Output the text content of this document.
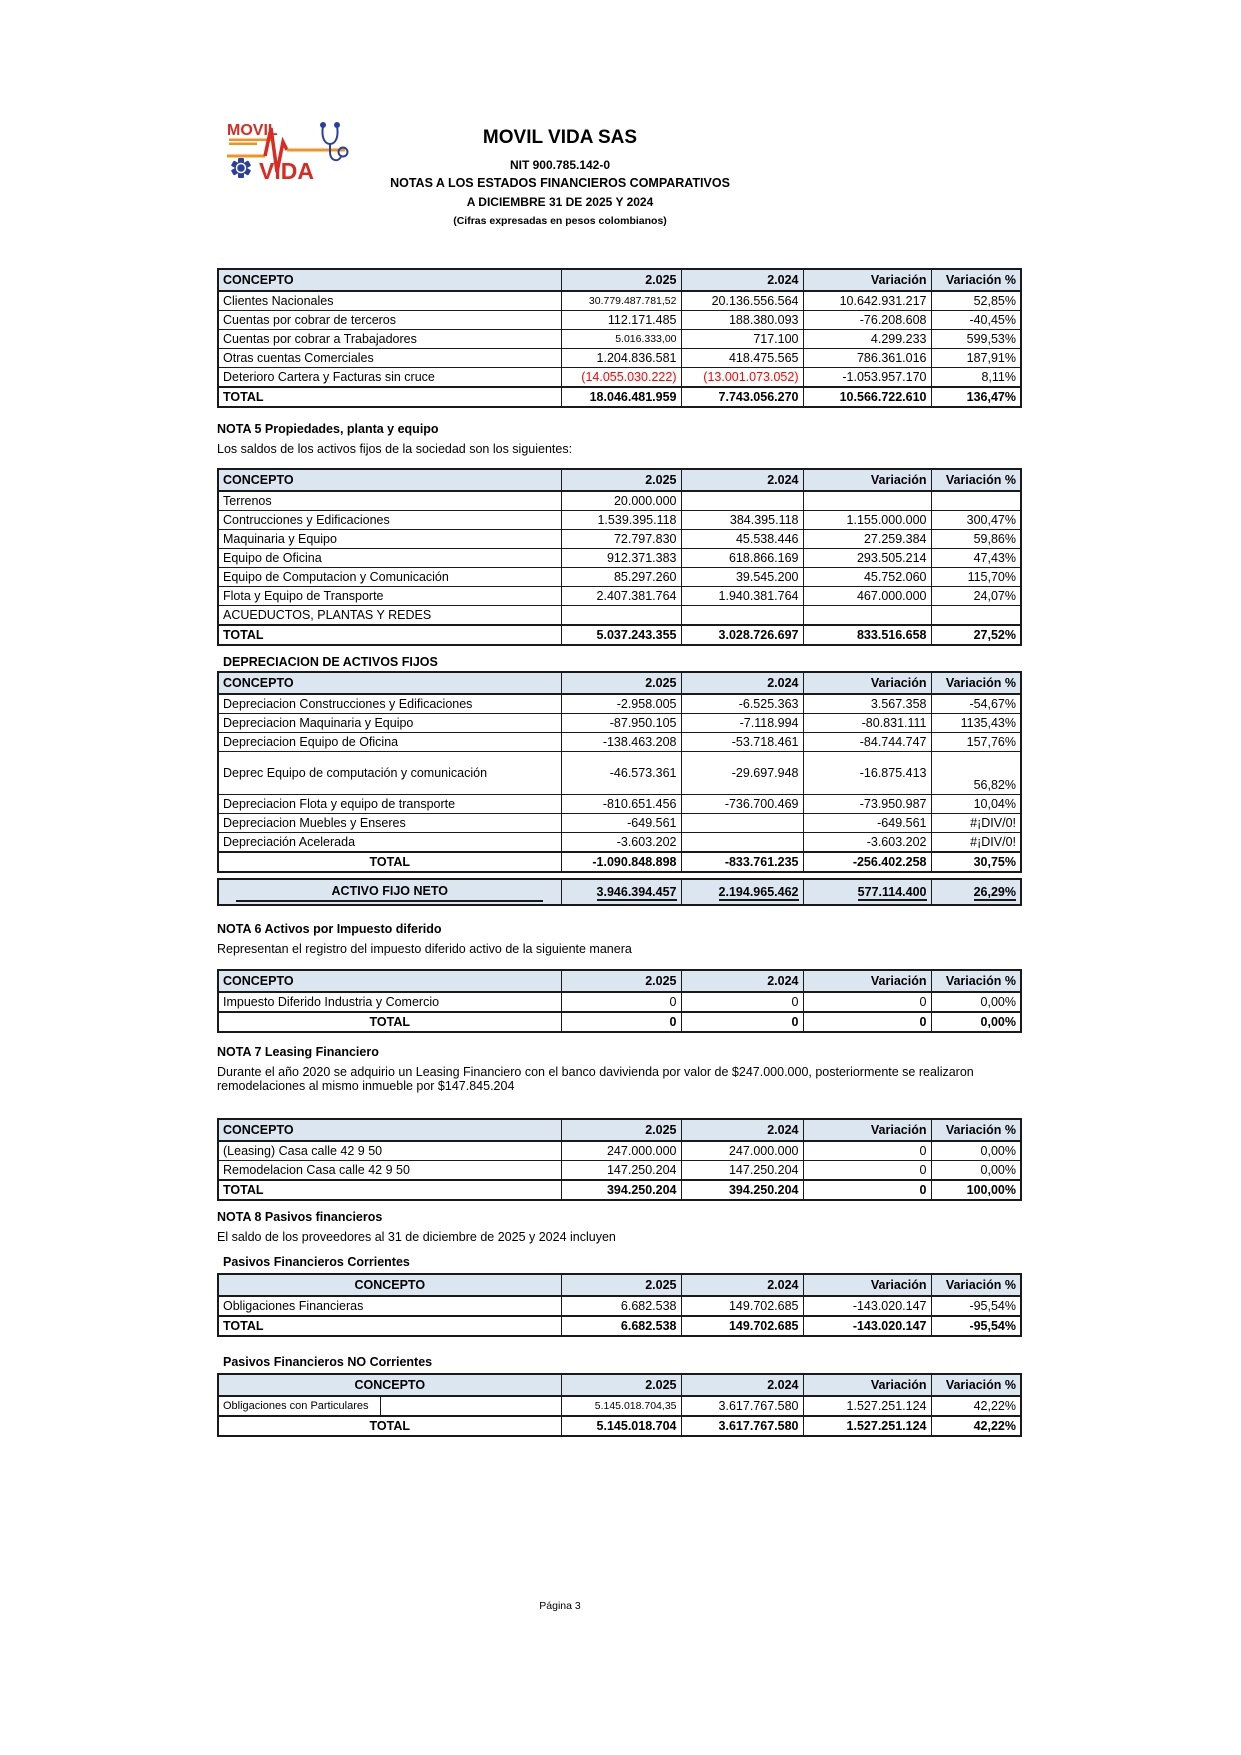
MOVIL
VIDA
MOVIL VIDA SAS
NIT 900.785.142-0
NOTAS A LOS ESTADOS FINANCIEROS COMPARATIVOS
A DICIEMBRE 31 DE 2025 Y 2024
(Cifras expresadas en pesos colombianos)
CONCEPTO	2.025	2.024	Variación	Variación %
Clientes Nacionales	30.779.487.781,52	20.136.556.564	10.642.931.217	52,85%
Cuentas por cobrar de terceros	112.171.485	188.380.093	-76.208.608	-40,45%
Cuentas por cobrar a Trabajadores	5.016.333,00	717.100	4.299.233	599,53%
Otras cuentas Comerciales	1.204.836.581	418.475.565	786.361.016	187,91%
Deterioro Cartera y Facturas sin cruce	(14.055.030.222)	(13.001.073.052)	-1.053.957.170	8,11%
TOTAL	18.046.481.959	7.743.056.270	10.566.722.610	136,47%
NOTA 5 Propiedades, planta y equipo
Los saldos de los activos fijos de la sociedad son los siguientes:
CONCEPTO	2.025	2.024	Variación	Variación %
Terrenos	20.000.000			
Contrucciones y Edificaciones	1.539.395.118	384.395.118	1.155.000.000	300,47%
Maquinaria y Equipo	72.797.830	45.538.446	27.259.384	59,86%
Equipo de Oficina	912.371.383	618.866.169	293.505.214	47,43%
Equipo de Computacion y Comunicación	85.297.260	39.545.200	45.752.060	115,70%
Flota y Equipo de Transporte	2.407.381.764	1.940.381.764	467.000.000	24,07%
ACUEDUCTOS, PLANTAS Y REDES				
TOTAL	5.037.243.355	3.028.726.697	833.516.658	27,52%
DEPRECIACION DE ACTIVOS FIJOS
CONCEPTO	2.025	2.024	Variación	Variación %
Depreciacion Construcciones y Edificaciones	-2.958.005	-6.525.363	3.567.358	-54,67%
Depreciacion Maquinaria y Equipo	-87.950.105	-7.118.994	-80.831.111	1135,43%
Depreciacion Equipo de Oficina	-138.463.208	-53.718.461	-84.744.747	157,76%
Deprec Equipo de computación y comunicación	-46.573.361	-29.697.948	-16.875.413	56,82%
Depreciacion Flota y equipo de transporte	-810.651.456	-736.700.469	-73.950.987	10,04%
Depreciacion Muebles y Enseres	-649.561		-649.561	#¡DIV/0!
Depreciación Acelerada	-3.603.202		-3.603.202	#¡DIV/0!
TOTAL	-1.090.848.898	-833.761.235	-256.402.258	30,75%
ACTIVO FIJO NETO	3.946.394.457	2.194.965.462	577.114.400	26,29%
NOTA 6 Activos por Impuesto diferido
Representan el registro del impuesto diferido activo de la siguiente manera
CONCEPTO	2.025	2.024	Variación	Variación %
Impuesto Diferido Industria y Comercio	0	0	0	0,00%
TOTAL	0	0	0	0,00%
NOTA 7 Leasing Financiero
Durante el año 2020 se adquirio un Leasing Financiero con el banco davivienda por valor de $247.000.000, posteriormente se realizaron remodelaciones al mismo inmueble por $147.845.204
CONCEPTO	2.025	2.024	Variación	Variación %
(Leasing) Casa calle 42 9 50	247.000.000	247.000.000	0	0,00%
Remodelacion Casa calle 42 9 50	147.250.204	147.250.204	0	0,00%
TOTAL	394.250.204	394.250.204	0	100,00%
NOTA 8 Pasivos financieros
El saldo de los proveedores al 31 de diciembre de 2025 y 2024 incluyen
Pasivos Financieros Corrientes
CONCEPTO	2.025	2.024	Variación	Variación %
Obligaciones Financieras	6.682.538	149.702.685	-143.020.147	-95,54%
TOTAL	6.682.538	149.702.685	-143.020.147	-95,54%
Pasivos Financieros NO Corrientes
CONCEPTO	2.025	2.024	Variación	Variación %
Obligaciones con Particulares	5.145.018.704,35	3.617.767.580	1.527.251.124	42,22%
TOTAL	5.145.018.704	3.617.767.580	1.527.251.124	42,22%
Página 3
